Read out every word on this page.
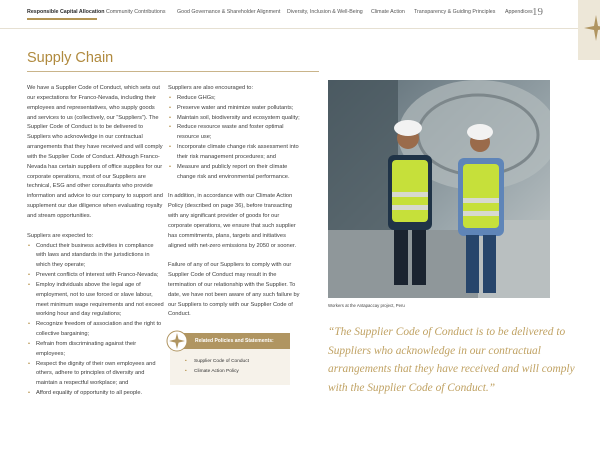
Responsible Capital Allocation Community Contributions Good Governance & Shareholder Alignment Diversity, Inclusion & Well-Being Climate Action Transparency & Guiding Principles Appendices 19
Supply Chain

We have a Supplier Code of Conduct, which sets out our expectations for Franco-Nevada, including their employees and representatives, who supply goods and services to us (collectively, our “Suppliers”). The Supplier Code of Conduct is to be delivered to Suppliers who acknowledge in our contractual arrangements that they have received and will comply with the Supplier Code of Conduct. Although Franco-Nevada has certain suppliers of office supplies for our corporate operations, most of our Suppliers are technical, ESG and other consultants who provide information and advice to our company to support and supplement our due diligence when evaluating royalty and stream opportunities.

Suppliers are expected to:
• Conduct their business activities in compliance with laws and standards in the jurisdictions in which they operate;
• Prevent conflicts of interest with Franco-Nevada;
• Employ individuals above the legal age of employment, not to use forced or slave labour, meet minimum wage requirements and not exceed working hour and day regulations;
• Recognize freedom of association and the right to collective bargaining;
• Refrain from discriminating against their employees;
• Respect the dignity of their own employees and others, adhere to principles of diversity and maintain a respectful workplace; and
• Afford equality of opportunity to all people.
Suppliers are also encouraged to:
• Reduce GHGs;
• Preserve water and minimize water pollutants;
• Maintain soil, biodiversity and ecosystem quality;
• Reduce resource waste and foster optimal resource use;
• Incorporate climate change risk assessment into their risk management procedures; and
• Measure and publicly report on their climate change risk and environmental performance.

In addition, in accordance with our Climate Action Policy (described on page 36), before transacting with any significant provider of goods for our corporate operations, we ensure that such supplier has commitments, plans, targets and initiatives aligned with net-zero emissions by 2050 or sooner.

Failure of any of our Suppliers to comply with our Supplier Code of Conduct may result in the termination of our relationship with the Supplier. To date, we have not been aware of any such failure by our Suppliers to comply with our Supplier Code of Conduct.

Related Policies and Statements:
• Supplier Code of Conduct
• Climate Action Policy
Workers at the Antapaccay project, Peru
“The Supplier Code of Conduct is to be delivered to Suppliers who acknowledge in our contractual arrangements that they have received and will comply with the Supplier Code of Conduct.”
